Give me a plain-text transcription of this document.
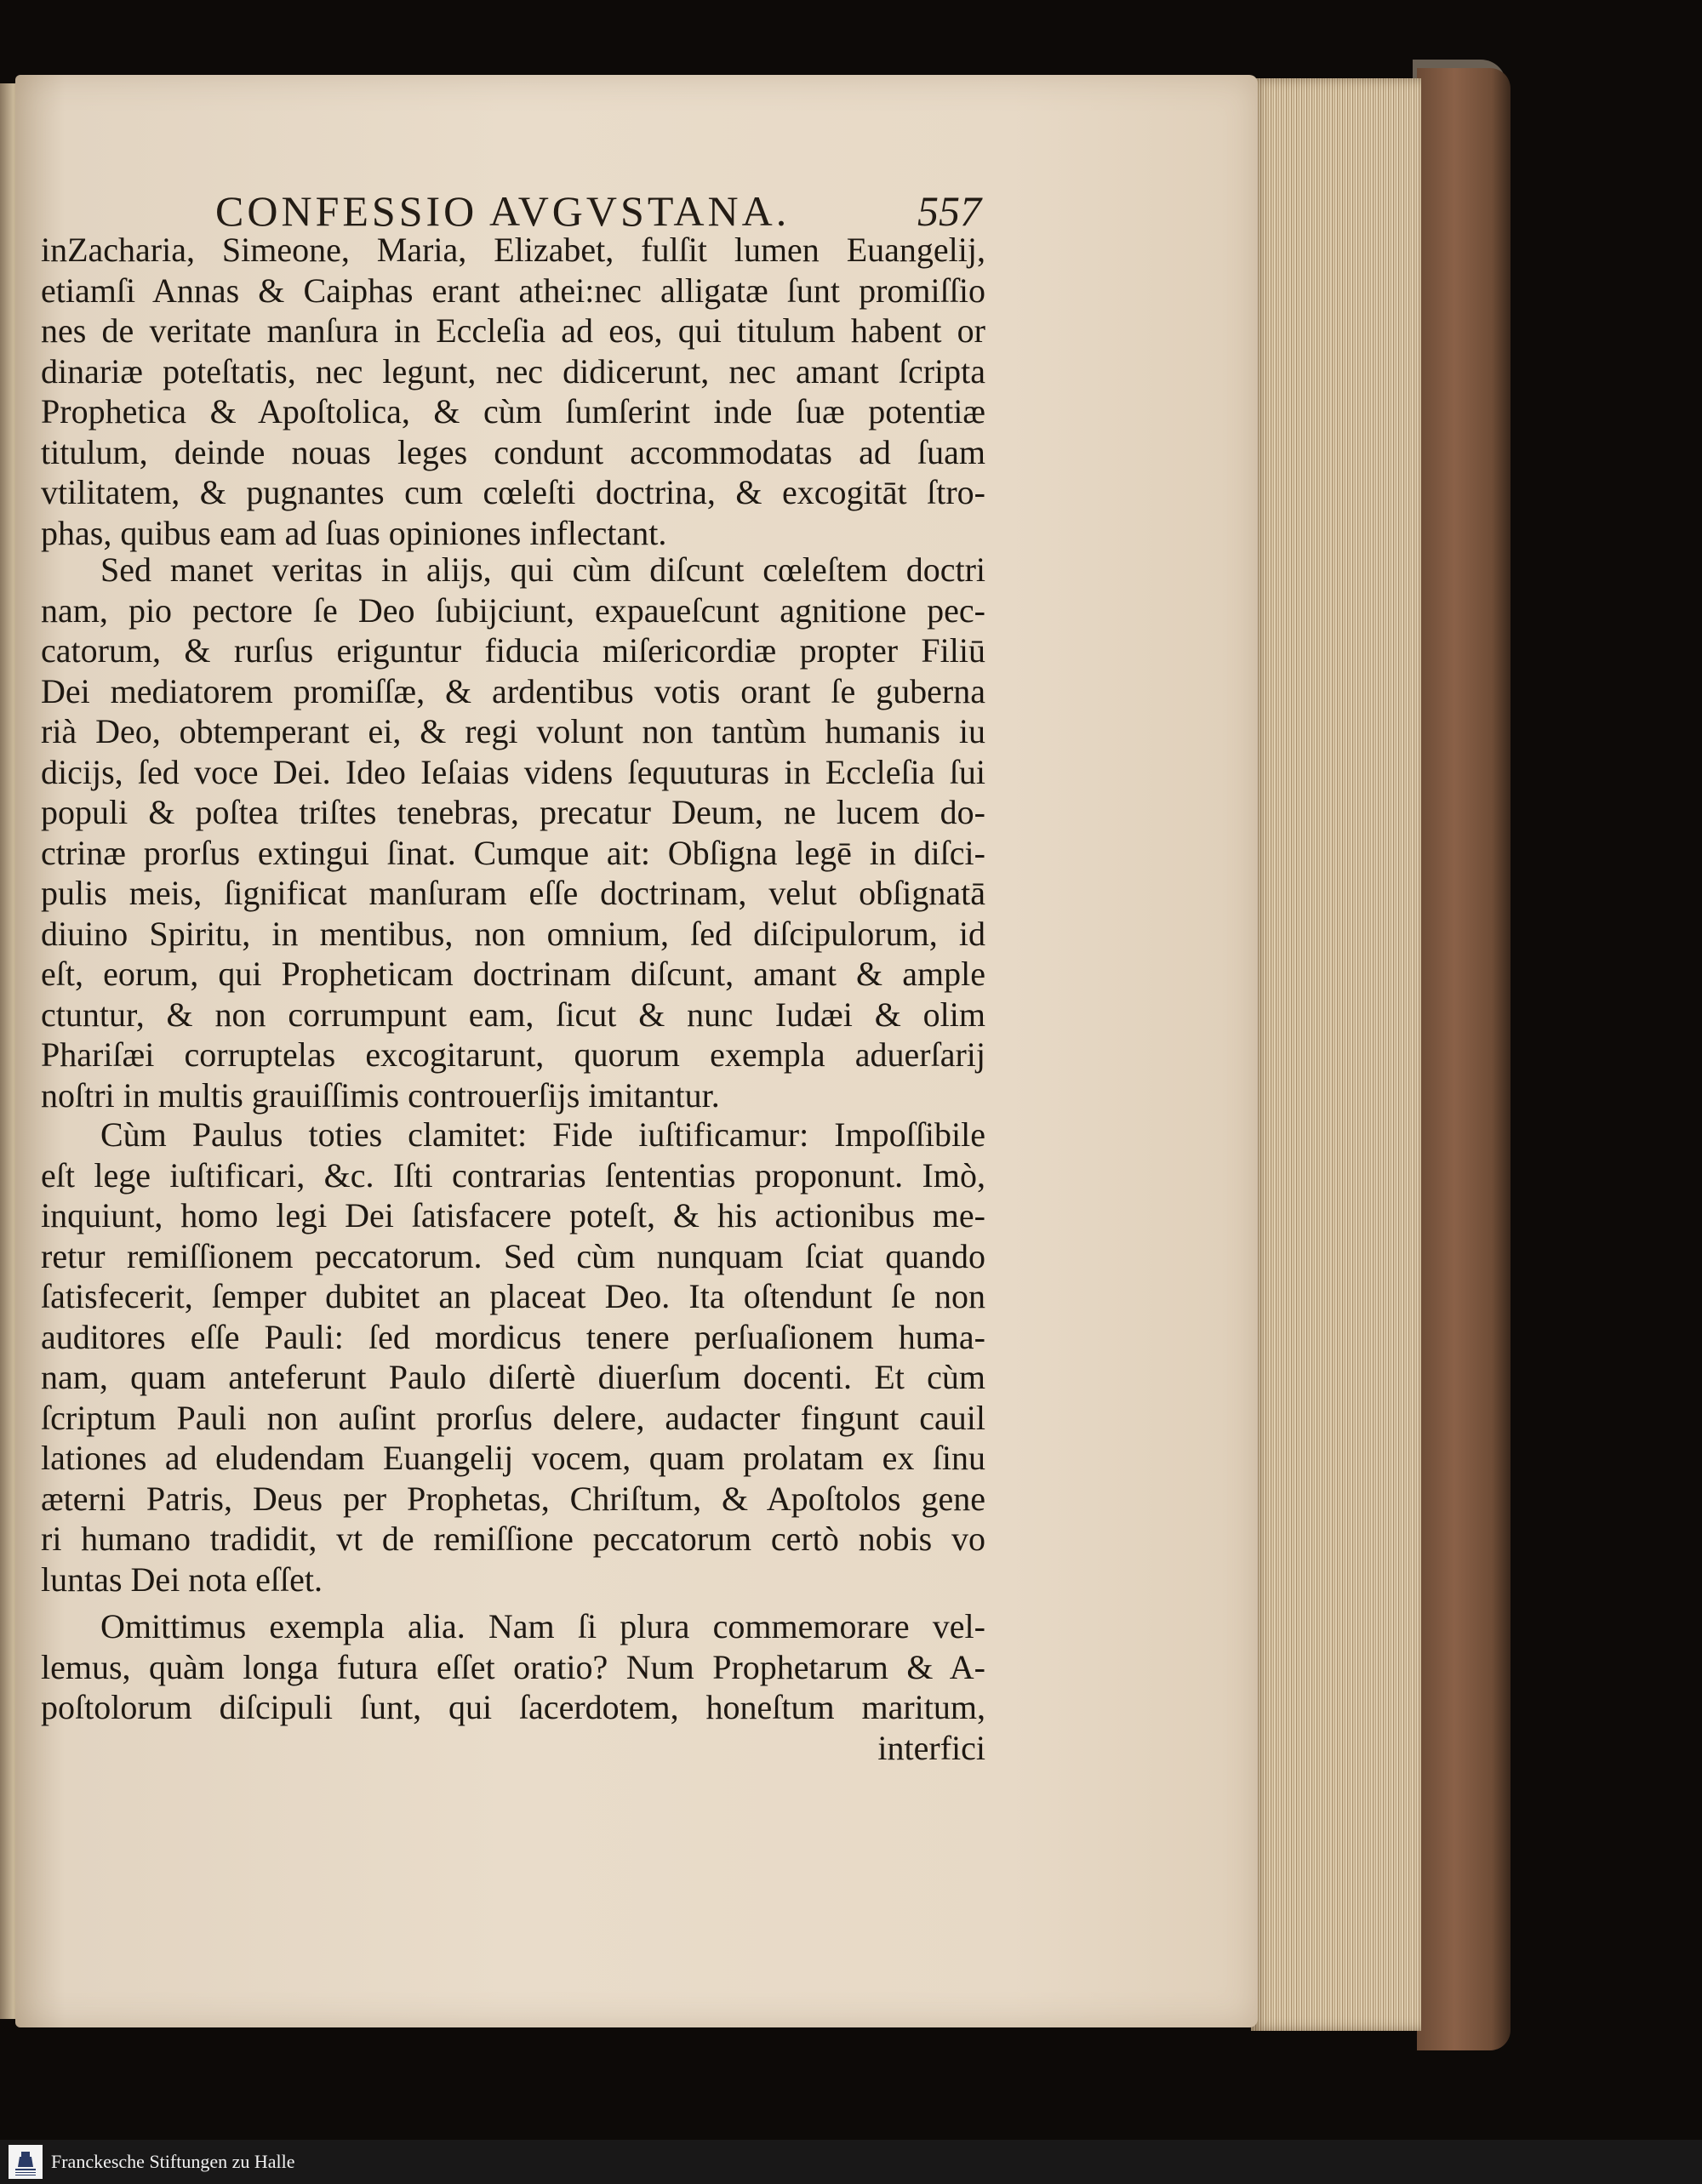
CONFESSIO AVGVSTANA.	557
inZacharia, Simeone, Maria, Elizabet, fulſit lumen Euangelij,
etiamſi Annas & Caiphas erant athei:nec alligatæ ſunt promiſſio
nes de veritate manſura in Eccleſia ad eos, qui titulum habent or
dinariæ poteſtatis, nec legunt, nec didicerunt, nec amant ſcripta
Prophetica & Apoſtolica, & cùm ſumſerint inde ſuæ potentiæ
titulum, deinde nouas leges condunt accommodatas ad ſuam
vtilitatem, & pugnantes cum cœleſti doctrina, & excogitāt ſtro-
phas, quibus eam ad ſuas opiniones inflectant.
Sed manet veritas in alijs, qui cùm diſcunt cœleſtem doctri
nam, pio pectore ſe Deo ſubijciunt, expaueſcunt agnitione pec-
catorum, & rurſus eriguntur fiducia miſericordiæ propter Filiū
Dei mediatorem promiſſæ, & ardentibus votis orant ſe guberna
rià Deo, obtemperant ei, & regi volunt non tantùm humanis iu
dicijs, ſed voce Dei. Ideo Ieſaias videns ſequuturas in Eccleſia ſui
populi & poſtea triſtes tenebras, precatur Deum, ne lucem do-
ctrinæ prorſus extingui ſinat. Cumque ait: Obſigna legē in diſci-
pulis meis, ſignificat manſuram eſſe doctrinam, velut obſignatā
diuino Spiritu, in mentibus, non omnium, ſed diſcipulorum, id
eſt, eorum, qui Propheticam doctrinam diſcunt, amant & ample
ctuntur, & non corrumpunt eam, ſicut & nunc Iudæi & olim
Phariſæi corruptelas excogitarunt, quorum exempla aduerſarij
noſtri in multis grauiſſimis controuerſijs imitantur.
Cùm Paulus toties clamitet: Fide iuſtificamur: Impoſſibile
eſt lege iuſtificari, &c. Iſti contrarias ſententias proponunt. Imò,
inquiunt, homo legi Dei ſatisfacere poteſt, & his actionibus me-
retur remiſſionem peccatorum. Sed cùm nunquam ſciat quando
ſatisfecerit, ſemper dubitet an placeat Deo. Ita oſtendunt ſe non
auditores eſſe Pauli: ſed mordicus tenere perſuaſionem huma-
nam, quam anteferunt Paulo diſertè diuerſum docenti. Et cùm
ſcriptum Pauli non auſint prorſus delere, audacter fingunt cauil
lationes ad eludendam Euangelij vocem, quam prolatam ex ſinu
æterni Patris, Deus per Prophetas, Chriſtum, & Apoſtolos gene
ri humano tradidit, vt de remiſſione peccatorum certò nobis vo
luntas Dei nota eſſet.
Omittimus exempla alia. Nam ſi plura commemorare vel-
lemus, quàm longa futura eſſet oratio? Num Prophetarum & A-
poſtolorum diſcipuli ſunt, qui ſacerdotem, honeſtum maritum,
interfici
Franckesche Stiftungen zu Halle
